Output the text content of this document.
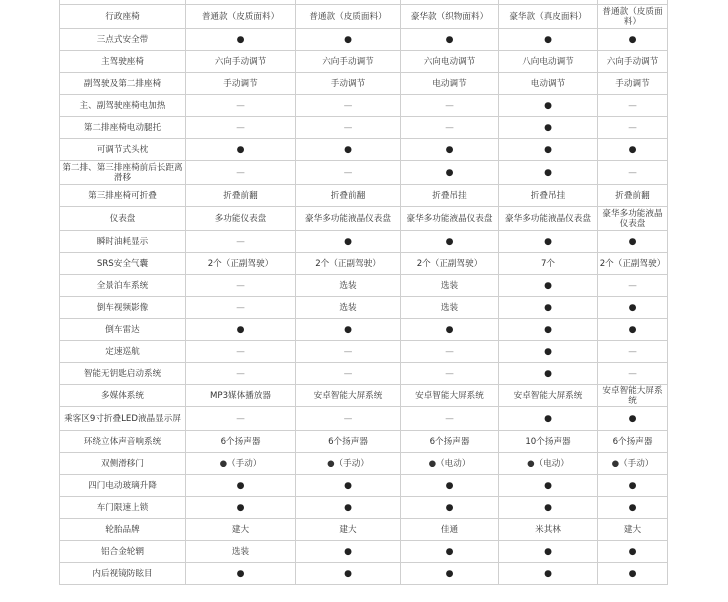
行政座椅	普通款（皮质面料）	普通款（皮质面料）	豪华款（织物面料）	豪华款（真皮面料）	普通款（皮质面料）
三点式安全带	●	●	●	●	●
主驾驶座椅	六向手动调节	六向手动调节	六向电动调节	八向电动调节	六向手动调节
副驾驶及第二排座椅	手动调节	手动调节	电动调节	电动调节	手动调节
主、副驾驶座椅电加热	—	—	—	●	—
第二排座椅电动腿托	—	—	—	●	—
可调节式头枕	●	●	●	●	●
第二排、第三排座椅前后长距离滑移	—	—	●	●	—
第三排座椅可折叠	折叠前翻	折叠前翻	折叠吊挂	折叠吊挂	折叠前翻
仪表盘	多功能仪表盘	豪华多功能液晶仪表盘	豪华多功能液晶仪表盘	豪华多功能液晶仪表盘	豪华多功能液晶仪表盘
瞬时油耗显示	—	●	●	●	●
SRS安全气囊	2个（正副驾驶）	2个（正副驾驶）	2个（正副驾驶）	7个	2个（正副驾驶）
全景泊车系统	—	选装	选装	●	—
倒车视频影像	—	选装	选装	●	●
倒车雷达	●	●	●	●	●
定速巡航	—	—	—	●	—
智能无钥匙启动系统	—	—	—	●	—
多媒体系统	MP3媒体播放器	安卓智能大屏系统	安卓智能大屏系统	安卓智能大屏系统	安卓智能大屏系统
乘客区9寸折叠LED液晶显示屏	—	—	—	●	●
环绕立体声音响系统	6个扬声器	6个扬声器	6个扬声器	10个扬声器	6个扬声器
双侧滑移门	●（手动）	●（手动）	●（电动）	●（电动）	●（手动）
四门电动玻璃升降	●	●	●	●	●
车门限速上锁	●	●	●	●	●
轮胎品牌	建大	建大	佳通	米其林	建大
铝合金轮辋	选装	●	●	●	●
内后视镜防眩目	●	●	●	●	●
